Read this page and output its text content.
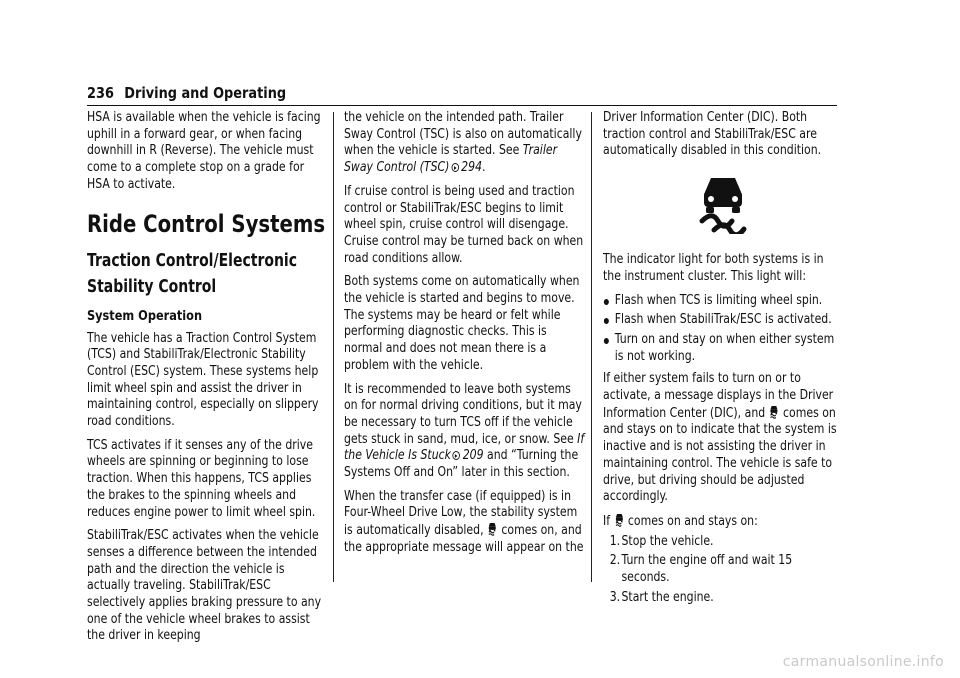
236 Driving and Operating

HSA is available when the vehicle is facing uphill in a forward gear, or when facing downhill in R (Reverse). The vehicle must come to a complete stop on a grade for HSA to activate.

Ride Control Systems
Traction Control/Electronic
Stability Control
System Operation

The vehicle has a Traction Control System (TCS) and StabiliTrak/Electronic Stability Control (ESC) system. These systems help limit wheel spin and assist the driver in maintaining control, especially on slippery road conditions.

TCS activates if it senses any of the drive wheels are spinning or beginning to lose traction. When this happens, TCS applies the brakes to the spinning wheels and reduces engine power to limit wheel spin.

StabiliTrak/ESC activates when the vehicle senses a difference between the intended path and the direction the vehicle is actually traveling. StabiliTrak/ESC selectively applies braking pressure to any one of the vehicle wheel brakes to assist the driver in keeping

the vehicle on the intended path. Trailer Sway Control (TSC) is also on automatically when the vehicle is started. See Trailer Sway Control (TSC) 294.

If cruise control is being used and traction control or StabiliTrak/ESC begins to limit wheel spin, cruise control will disengage. Cruise control may be turned back on when road conditions allow.

Both systems come on automatically when the vehicle is started and begins to move. The systems may be heard or felt while performing diagnostic checks. This is normal and does not mean there is a problem with the vehicle.

It is recommended to leave both systems on for normal driving conditions, but it may be necessary to turn TCS off if the vehicle gets stuck in sand, mud, ice, or snow. See If the Vehicle Is Stuck 209 and “Turning the Systems Off and On” later in this section.

When the transfer case (if equipped) is in Four-Wheel Drive Low, the stability system is automatically disabled,  comes on, and the appropriate message will appear on the

Driver Information Center (DIC). Both traction control and StabiliTrak/ESC are automatically disabled in this condition.

The indicator light for both systems is in the instrument cluster. This light will:

Flash when TCS is limiting wheel spin.
Flash when StabiliTrak/ESC is activated.
Turn on and stay on when either system is not working.

If either system fails to turn on or to activate, a message displays in the Driver Information Center (DIC), and  comes on and stays on to indicate that the system is inactive and is not assisting the driver in maintaining control. The vehicle is safe to drive, but driving should be adjusted accordingly.

If  comes on and stays on:

1. Stop the vehicle.
2. Turn the engine off and wait 15 seconds.
3. Start the engine.
carmanualsonline.info
